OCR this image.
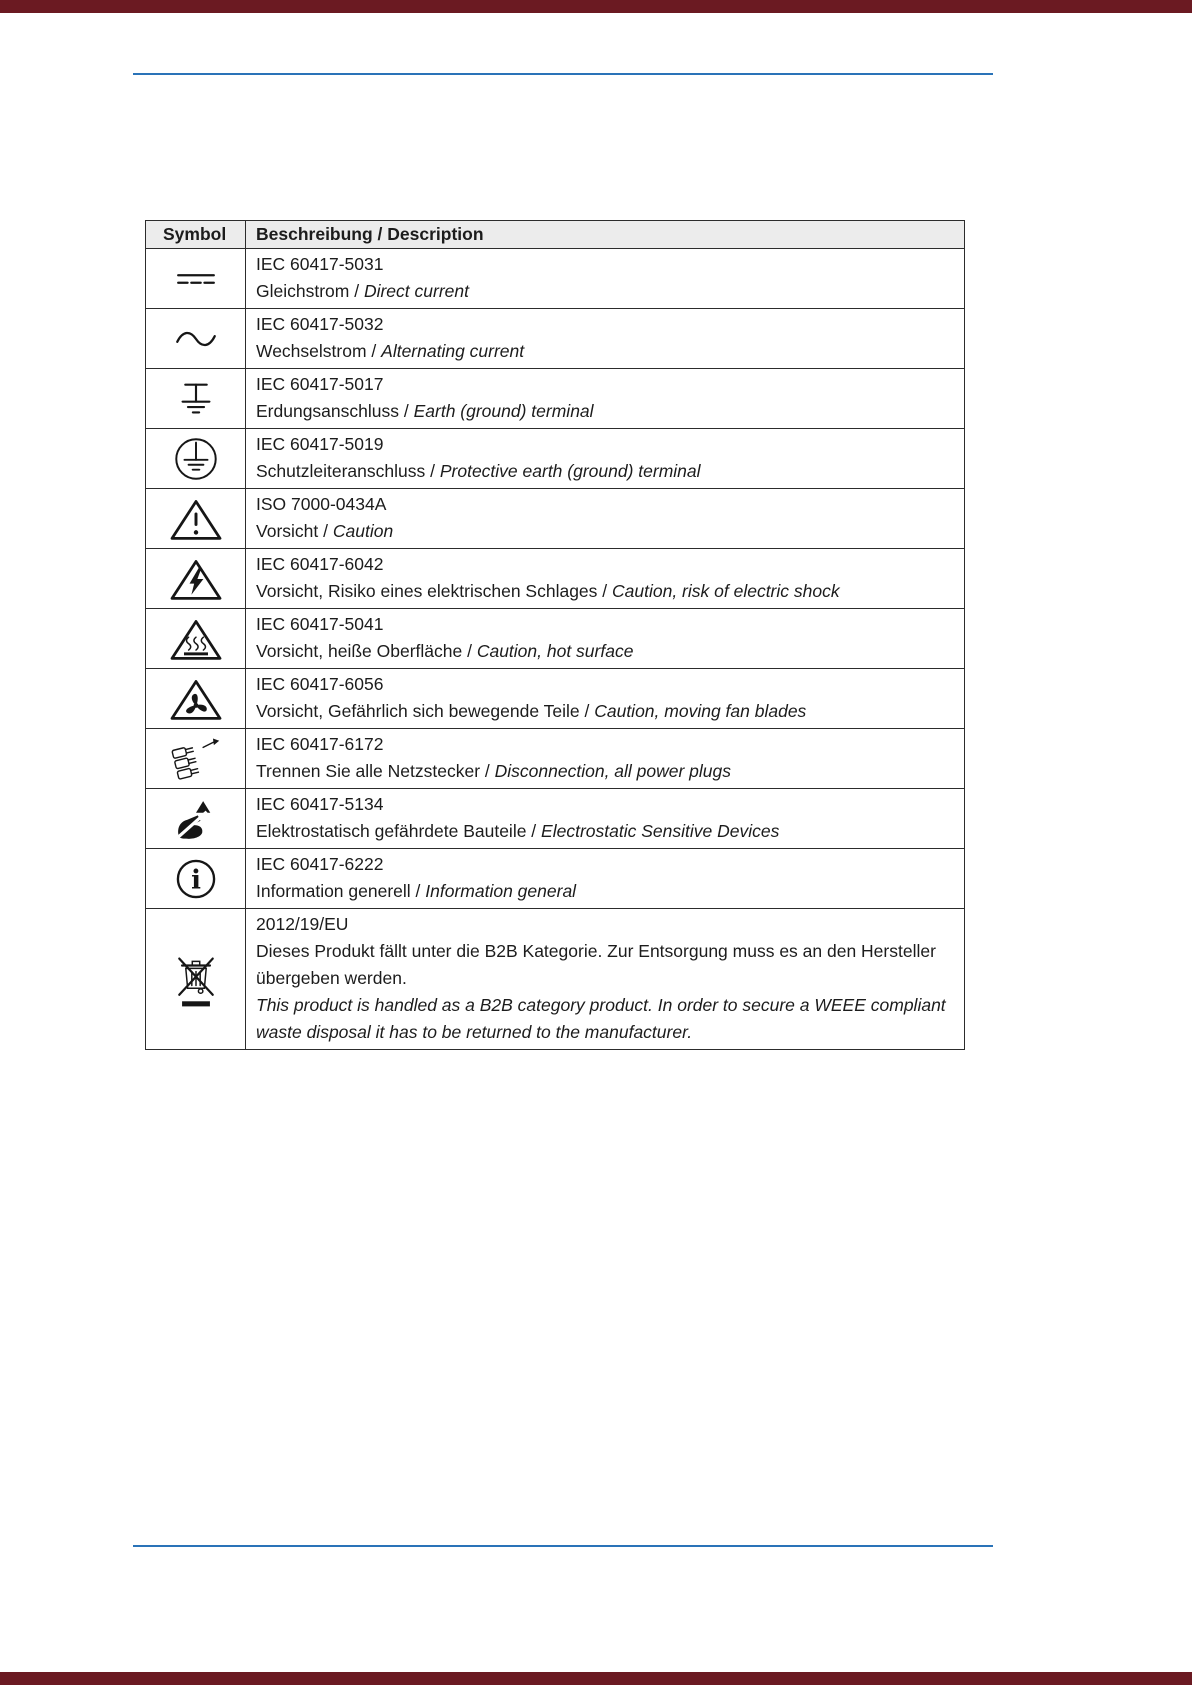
Symbol	Beschreibung / Description

IEC 60417-5031
Gleichstrom / Direct current

IEC 60417-5032
Wechselstrom / Alternating current

IEC 60417-5017
Erdungsanschluss / Earth (ground) terminal

IEC 60417-5019
Schutzleiteranschluss / Protective earth (ground) terminal

ISO 7000-0434A
Vorsicht / Caution

IEC 60417-6042
Vorsicht, Risiko eines elektrischen Schlages / Caution, risk of electric shock

IEC 60417-5041
Vorsicht, heiße Oberfläche / Caution, hot surface

IEC 60417-6056
Vorsicht, Gefährlich sich bewegende Teile / Caution, moving fan blades

IEC 60417-6172
Trennen Sie alle Netzstecker / Disconnection, all power plugs

IEC 60417-5134
Elektrostatisch gefährdete Bauteile / Electrostatic Sensitive Devices

i	IEC 60417-6222
Information generell / Information general

2012/19/EU
Dieses Produkt fällt unter die B2B Kategorie. Zur Entsorgung muss es an den Hersteller übergeben werden.
This product is handled as a B2B category product. In order to secure a WEEE compliant waste disposal it has to be returned to the manufacturer.
